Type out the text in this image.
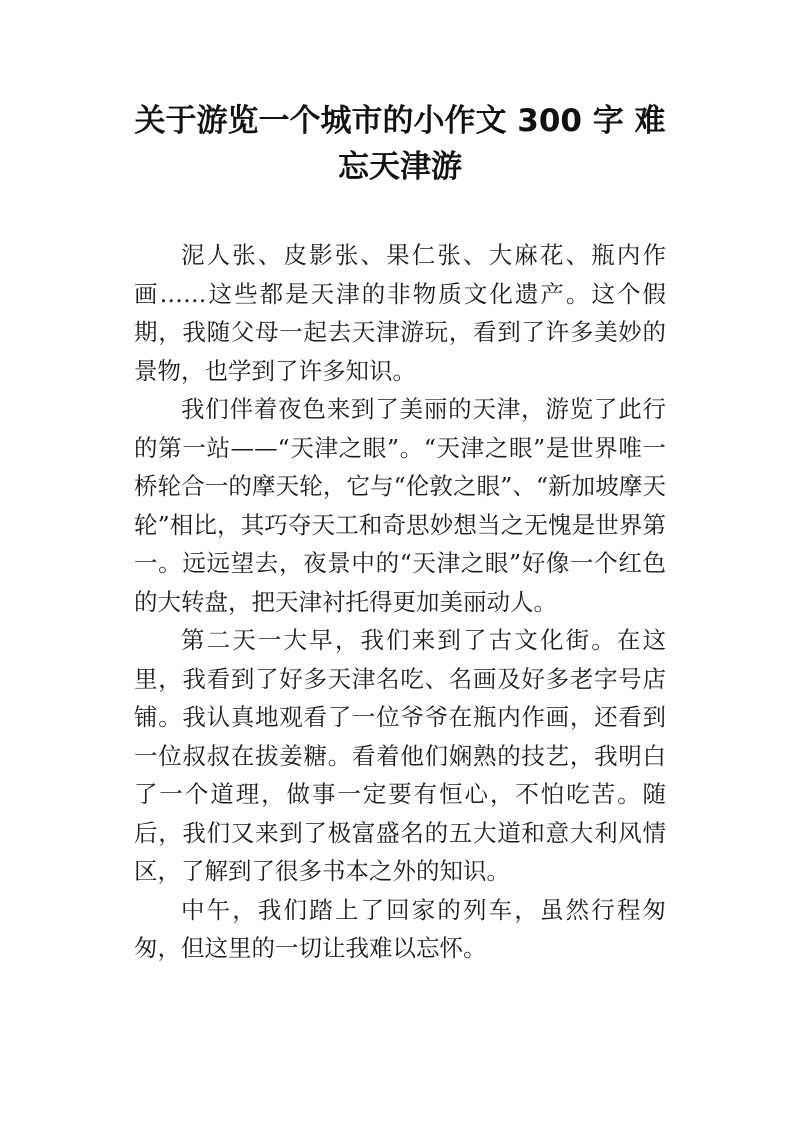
关于游览一个城市的小作文 300 字 难
忘天津游

泥人张、皮影张、果仁张、大麻花、瓶内作画……这些都是天津的非物质文化遗产。这个假期，我随父母一起去天津游玩，看到了许多美妙的景物，也学到了许多知识。

我们伴着夜色来到了美丽的天津，游览了此行的第一站——“天津之眼”。“天津之眼”是世界唯一桥轮合一的摩天轮，它与“伦敦之眼”、“新加坡摩天轮”相比，其巧夺天工和奇思妙想当之无愧是世界第一。远远望去，夜景中的“天津之眼”好像一个红色的大转盘，把天津衬托得更加美丽动人。

第二天一大早，我们来到了古文化街。在这里，我看到了好多天津名吃、名画及好多老字号店铺。我认真地观看了一位爷爷在瓶内作画，还看到一位叔叔在拔姜糖。看着他们娴熟的技艺，我明白了一个道理，做事一定要有恒心，不怕吃苦。随后，我们又来到了极富盛名的五大道和意大利风情区，了解到了很多书本之外的知识。

中午，我们踏上了回家的列车，虽然行程匆匆，但这里的一切让我难以忘怀。
